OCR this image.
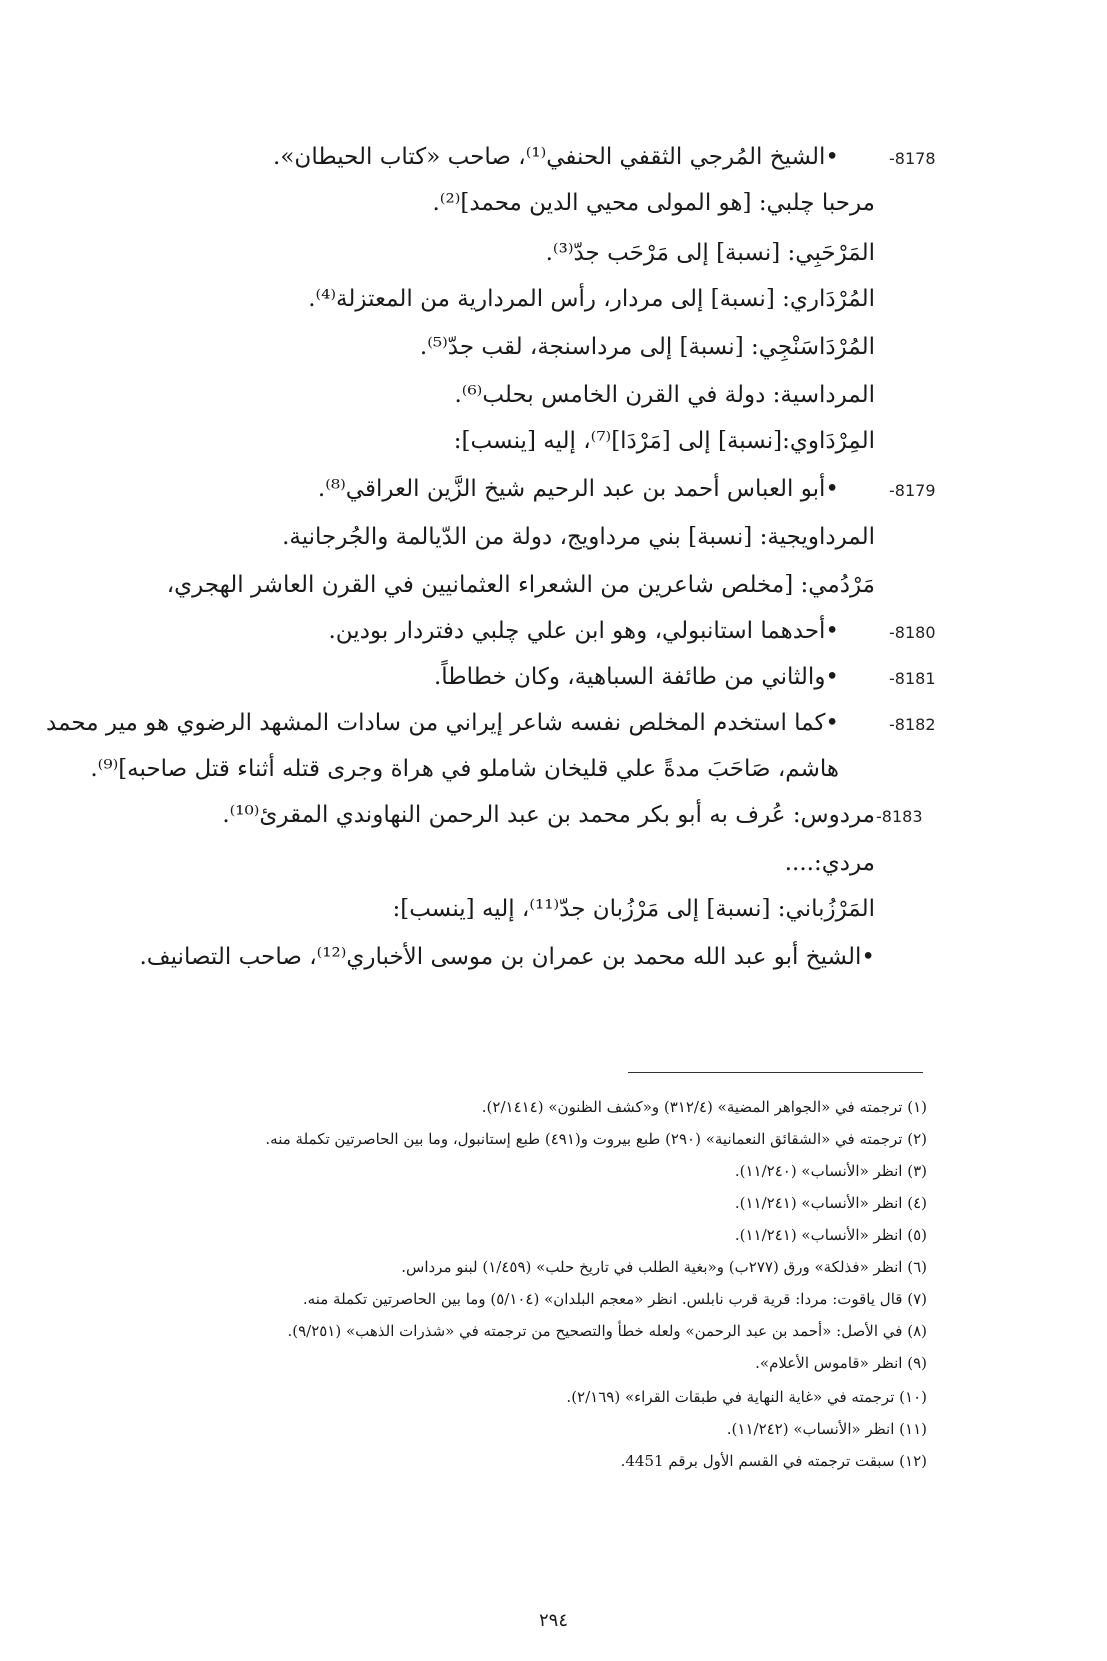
-8178
•الشيخ المُرجي الثقفي الحنفي⁽¹⁾، صاحب «كتاب الحيطان».
مرحبا چلبي: [هو المولى محيي الدين محمد]⁽²⁾.
المَرْحَبِي: [نسبة] إلى مَرْحَب جدّ⁽³⁾.
المُرْدَاري: [نسبة] إلى مردار، رأس المردارية من المعتزلة⁽⁴⁾.
المُرْدَاسَنْجِي: [نسبة] إلى مرداسنجة، لقب جدّ⁽⁵⁾.
المرداسية: دولة في القرن الخامس بحلب⁽⁶⁾.
المِرْدَاوي:[نسبة] إلى [مَرْدَا]⁽⁷⁾، إليه [ينسب]:
-8179
•أبو العباس أحمد بن عبد الرحيم شيخ الزَّين العراقي⁽⁸⁾.
المرداويجية: [نسبة] بني مرداويج، دولة من الدّيالمة والجُرجانية.
مَرْدُمي: [مخلص شاعرين من الشعراء العثمانيين في القرن العاشر الهجري،
-8180
•أحدهما استانبولي، وهو ابن علي چلبي دفتردار بودين.
-8181
•والثاني من طائفة السباهية، وكان خطاطاً.
-8182
•كما استخدم المخلص نفسه شاعر إيراني من سادات المشهد الرضوي هو مير محمد
هاشم، صَاحَبَ مدةً علي قليخان شاملو في هراة وجرى قتله أثناء قتل صاحبه]⁽⁹⁾.
-8183
مردوس: عُرف به أبو بكر محمد بن عبد الرحمن النهاوندي المقرئ⁽¹⁰⁾.
مردي:....
المَرْزُباني: [نسبة] إلى مَرْزُبان جدّ⁽¹¹⁾، إليه [ينسب]:
•الشيخ أبو عبد الله محمد بن عمران بن موسى الأخباري⁽¹²⁾، صاحب التصانيف.
(١) ترجمته في «الجواهر المضية» (٣١٢/٤) و«كشف الظنون» (٢/١٤١٤).
(٢) ترجمته في «الشقائق النعمانية» (٢٩٠) طبع بيروت و(٤٩١) طبع إستانبول، وما بين الحاصرتين تكملة منه.
(٣) انظر «الأنساب» (١١/٢٤٠).
(٤) انظر «الأنساب» (١١/٢٤١).
(٥) انظر «الأنساب» (١١/٢٤١).
(٦) انظر «فذلكة» ورق (٢٧٧ب) و«بغية الطلب في تاريخ حلب» (١/٤٥٩) لبنو مرداس.
(٧) قال ياقوت: مردا: قرية قرب نابلس. انظر «معجم البلدان» (٥/١٠٤) وما بين الحاصرتين تكملة منه.
(٨) في الأصل: «أحمد بن عبد الرحمن» ولعله خطأ والتصحيح من ترجمته في «شذرات الذهب» (٩/٢٥١).
(٩) انظر «قاموس الأعلام».
(١٠) ترجمته في «غاية النهاية في طبقات القراء» (٢/١٦٩).
(١١) انظر «الأنساب» (١١/٢٤٢).
(١٢) سبقت ترجمته في القسم الأول برقم 4451.
٢٩٤
